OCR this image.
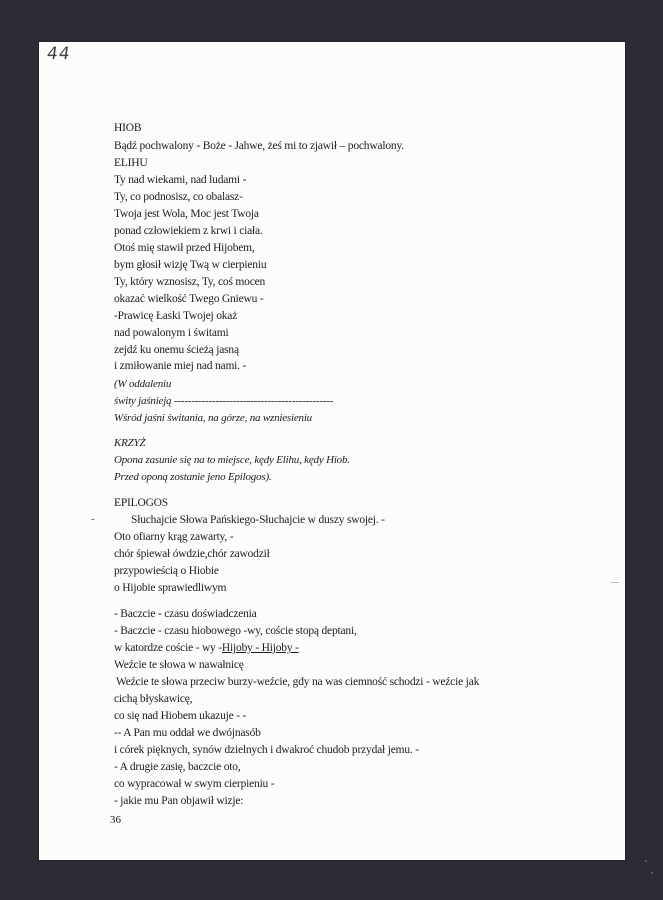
44
HIOB
Bądź pochwalony - Boże - Jahwe, żeś mi to zjawił – pochwalony.
ELIHU
Ty nad wiekami, nad ludami -
Ty, co podnosisz, co obalasz-
Twoja jest Wola, Moc jest Twoja
ponad człowiekiem z krwi i ciała.
Otoś mię stawił przed Hijobem,
bym głosił wizję Twą w cierpieniu
Ty, który wznosisz, Ty, coś mocen
okazać wielkość Twego Gniewu -
-Prawicę Łaski Twojej okaż
nad powalonym i świtami
zejdź ku onemu ścieżą jasną
i zmiłowanie miej nad nami. -
(W oddaleniu
świty jaśnieją ----------------------------------------------
Wśród jaśni świtania, na górze, na wzniesieniu
KRZYŻ
Opona zasunie się na to miejsce, kędy Elihu, kędy Hiob.
Przed oponą zostanie jeno Epilogos).
EPILOGOS
-	Słuchajcie Słowa Pańskiego-Słuchajcie w duszy swojej. -
Oto ofiarny krąg zawarty, -
chór śpiewał ówdzie,chór zawodził
przypowieścią o Hiobie
o Hijobie sprawiedliwym
- Baczcie - czasu doświadczenia
- Baczcie - czasu hiobowego -wy, coście stopą deptani,
w katordze coście - wy -Hijoby - Hijoby -
Weźcie te słowa w nawałnicę
Weźcie te słowa przeciw burzy-weźcie, gdy na was ciemność schodzi - weźcie jak
cichą błyskawicę,
co się nad Hiobem ukazuje - -
-- A Pan mu oddał we dwójnasób
i córek pięknych, synów dzielnych i dwakroć chudob przydał jemu. -
- A drugie zasię, baczcie oto,
co wypracował w swym cierpieniu -
- jakie mu Pan objawił wizje:
36
